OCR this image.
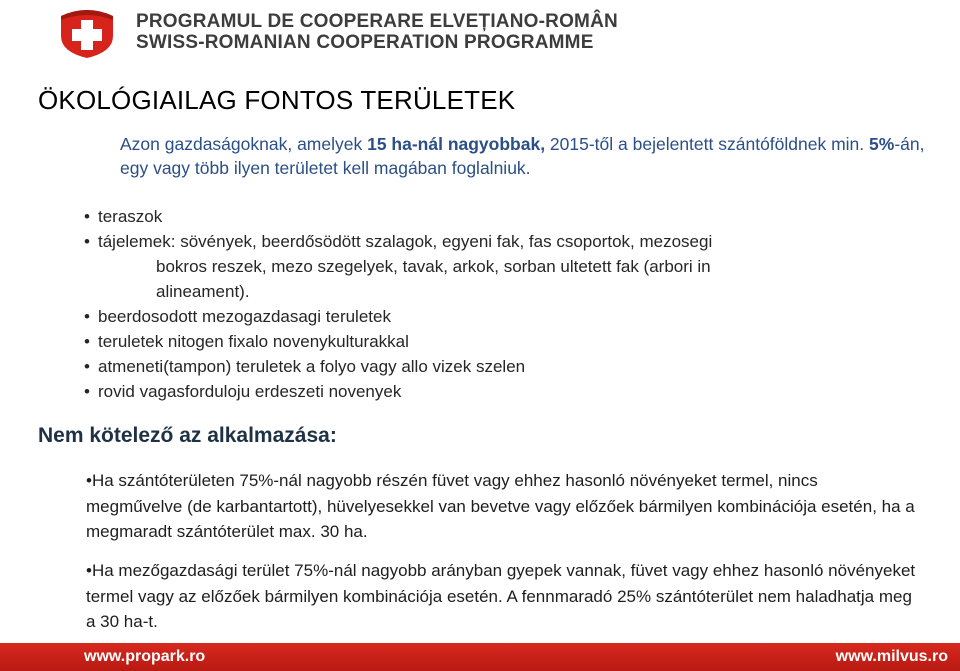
PROGRAMUL DE COOPERARE ELVEȚIANO-ROMÂN
SWISS-ROMANIAN COOPERATION PROGRAMME
ÖKOLÓGIAILAG FONTOS TERÜLETEK
Azon gazdaságoknak, amelyek 15 ha-nál nagyobbak, 2015-től a bejelentett szántóföldnek min. 5%-án, egy vagy több ilyen területet kell magában foglalniuk.
• teraszok
• tájelemek: sövények, beerdősödött szalagok, egyeni fak, fas csoportok, mezosegi
bokros reszek, mezo szegelyek, tavak, arkok, sorban ultetett fak (arbori in
alineament).
• beerdosodott mezogazdasagi teruletek
• teruletek nitogen fixalo novenykulturakkal
• atmeneti(tampon) teruletek a folyo vagy allo vizek szelen
• rovid vagasforduloju erdeszeti novenyek
Nem kötelező az alkalmazása:
•Ha szántóterületen 75%-nál nagyobb részén füvet vagy ehhez hasonló növényeket termel, nincs megművelve (de karbantartott), hüvelyesekkel van bevetve vagy előzőek bármilyen kombinációja esetén, ha a megmaradt szántóterület max. 30 ha.
•Ha mezőgazdasági terület 75%-nál nagyobb arányban gyepek vannak, füvet vagy ehhez hasonló növényeket termel vagy az előzőek bármilyen kombinációja esetén. A fennmaradó 25% szántóterület nem haladhatja meg a 30 ha-t.
www.propark.ro	www.milvus.ro
